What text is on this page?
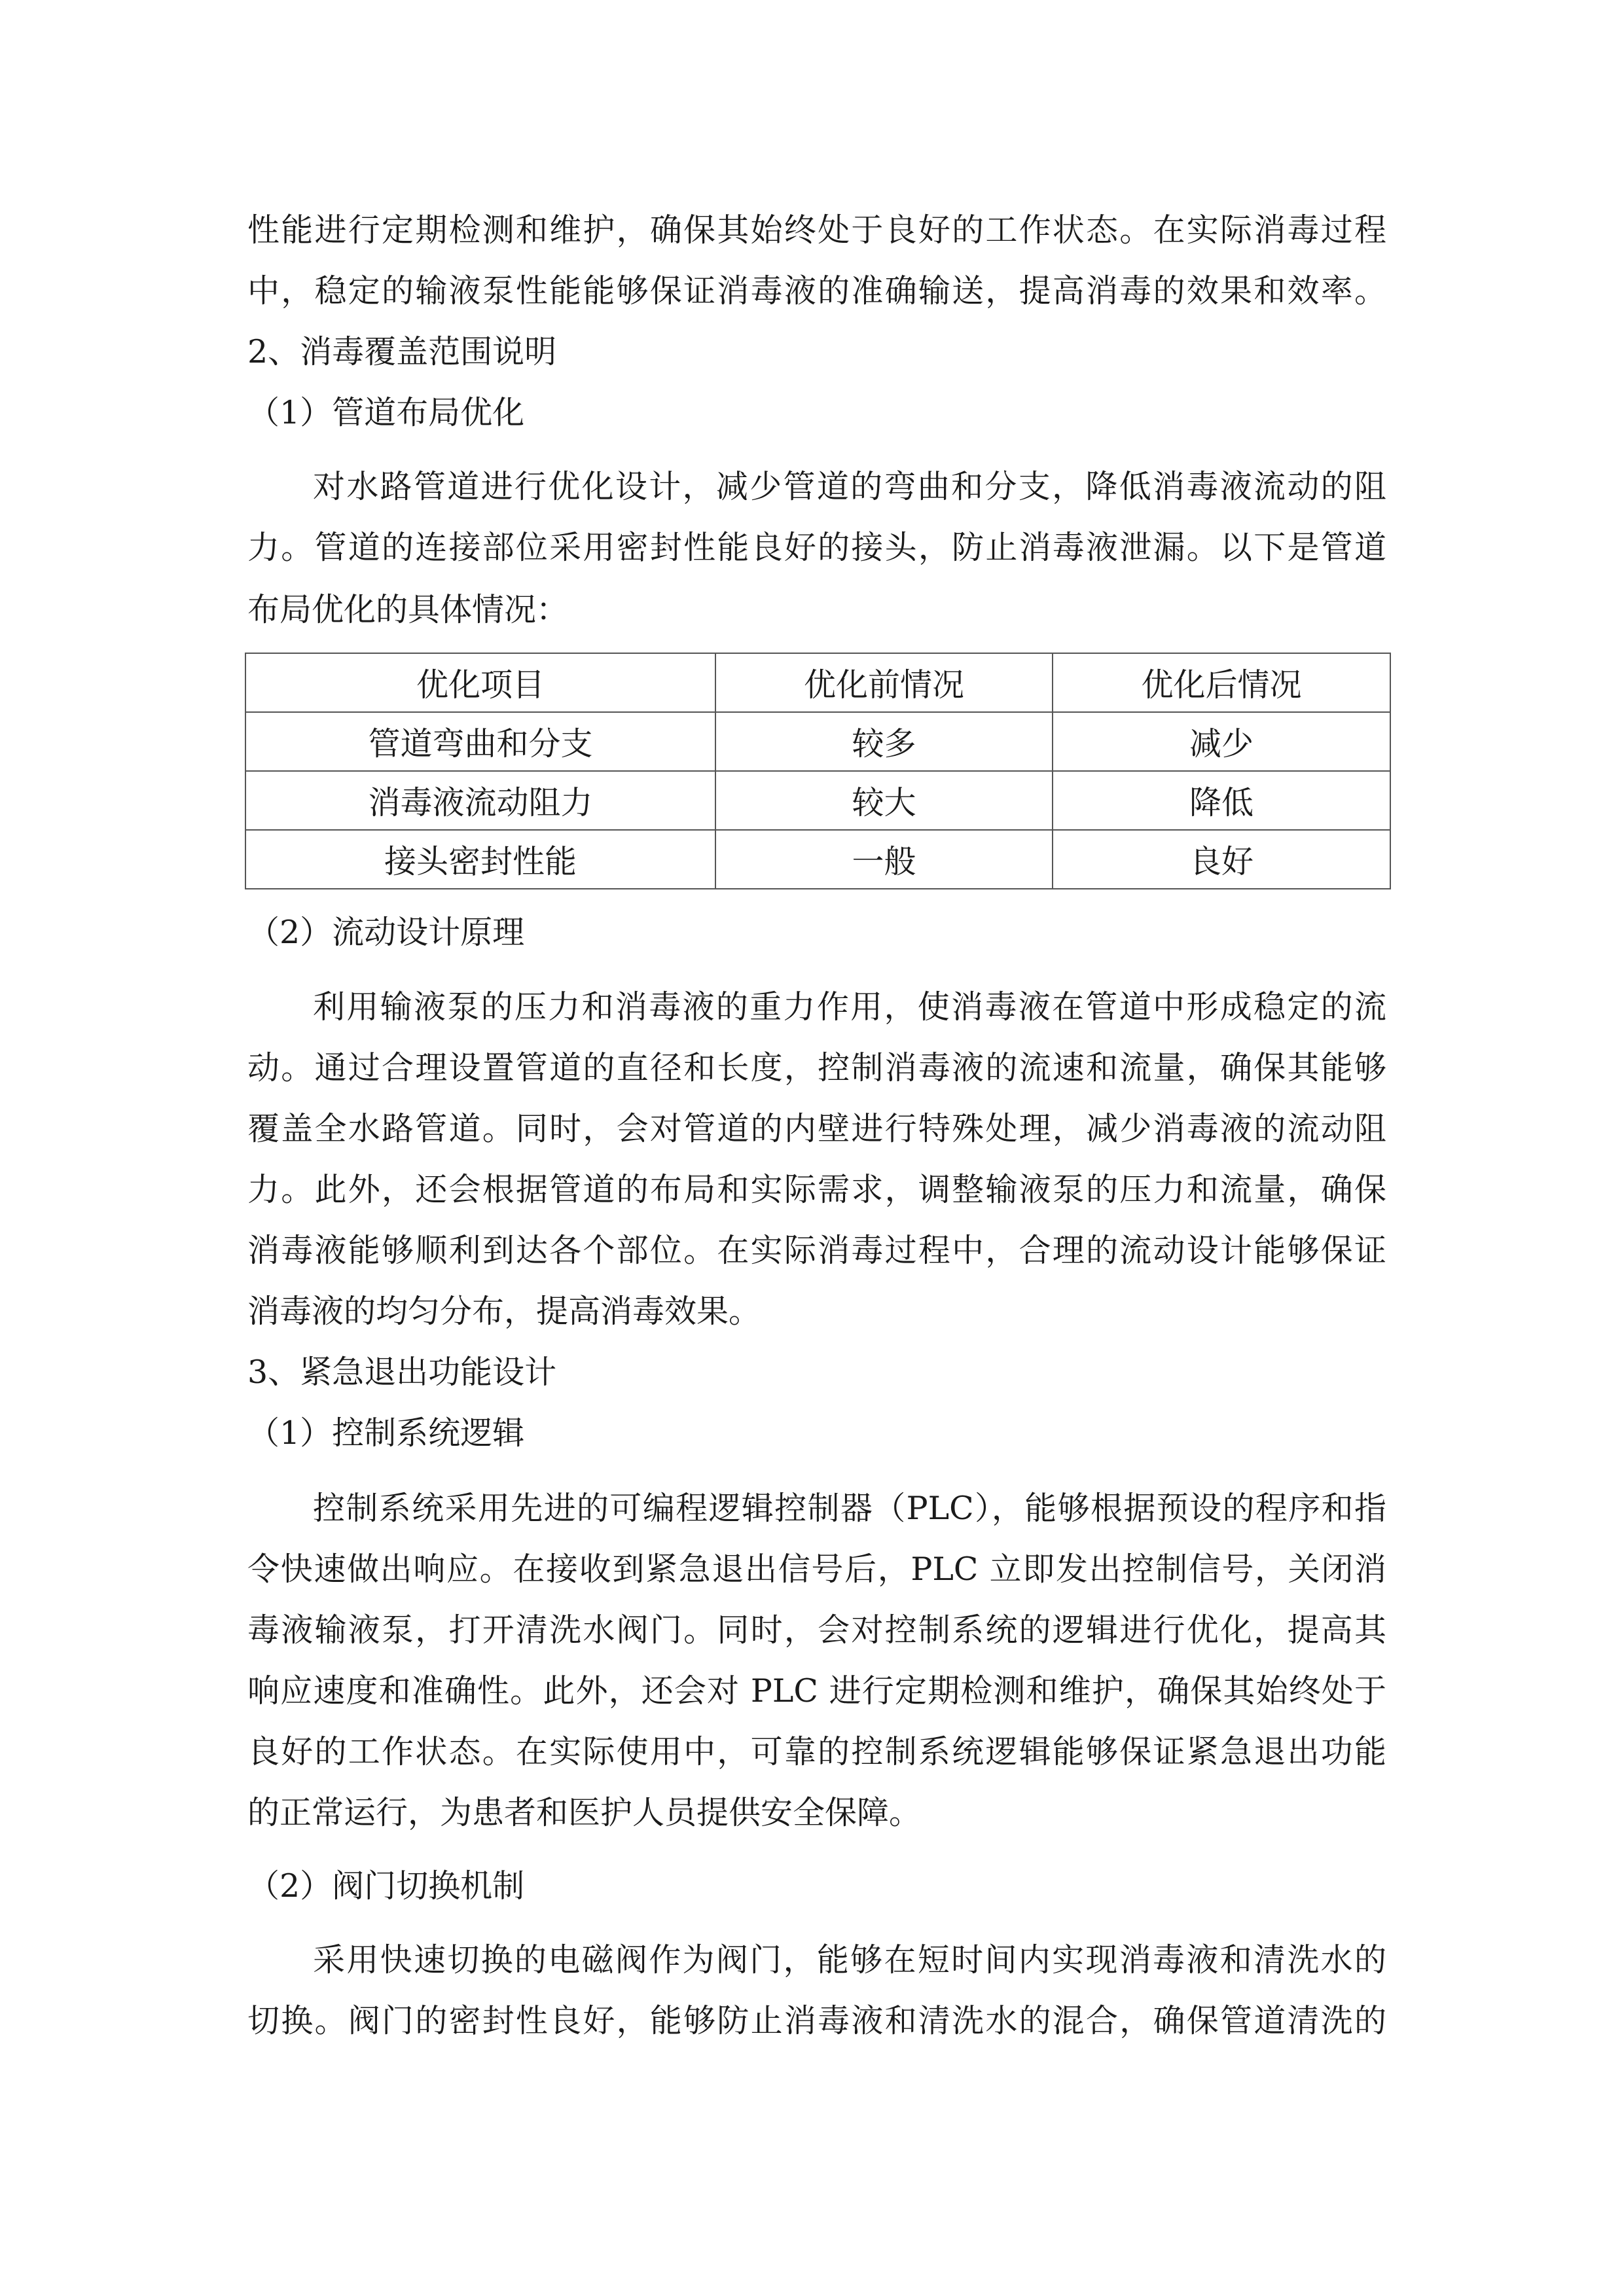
性能进行定期检测和维护，确保其始终处于良好的工作状态。在实际消毒过程

中，稳定的输液泵性能能够保证消毒液的准确输送，提高消毒的效果和效率。

2、消毒覆盖范围说明

（1）管道布局优化

对水路管道进行优化设计，减少管道的弯曲和分支，降低消毒液流动的阻

力。管道的连接部位采用密封性能良好的接头，防止消毒液泄漏。以下是管道

布局优化的具体情况：

优化项目	优化前情况	优化后情况
管道弯曲和分支	较多	减少
消毒液流动阻力	较大	降低
接头密封性能	一般	良好

（2）流动设计原理

利用输液泵的压力和消毒液的重力作用，使消毒液在管道中形成稳定的流

动。通过合理设置管道的直径和长度，控制消毒液的流速和流量，确保其能够

覆盖全水路管道。同时，会对管道的内壁进行特殊处理，减少消毒液的流动阻

力。此外，还会根据管道的布局和实际需求，调整输液泵的压力和流量，确保

消毒液能够顺利到达各个部位。在实际消毒过程中，合理的流动设计能够保证

消毒液的均匀分布，提高消毒效果。

3、紧急退出功能设计

（1）控制系统逻辑

控制系统采用先进的可编程逻辑控制器（PLC），能够根据预设的程序和指

令快速做出响应。在接收到紧急退出信号后，PLC 立即发出控制信号，关闭消

毒液输液泵，打开清洗水阀门。同时，会对控制系统的逻辑进行优化，提高其

响应速度和准确性。此外，还会对 PLC 进行定期检测和维护，确保其始终处于

良好的工作状态。在实际使用中，可靠的控制系统逻辑能够保证紧急退出功能

的正常运行，为患者和医护人员提供安全保障。

（2）阀门切换机制

采用快速切换的电磁阀作为阀门，能够在短时间内实现消毒液和清洗水的

切换。阀门的密封性良好，能够防止消毒液和清洗水的混合，确保管道清洗的
